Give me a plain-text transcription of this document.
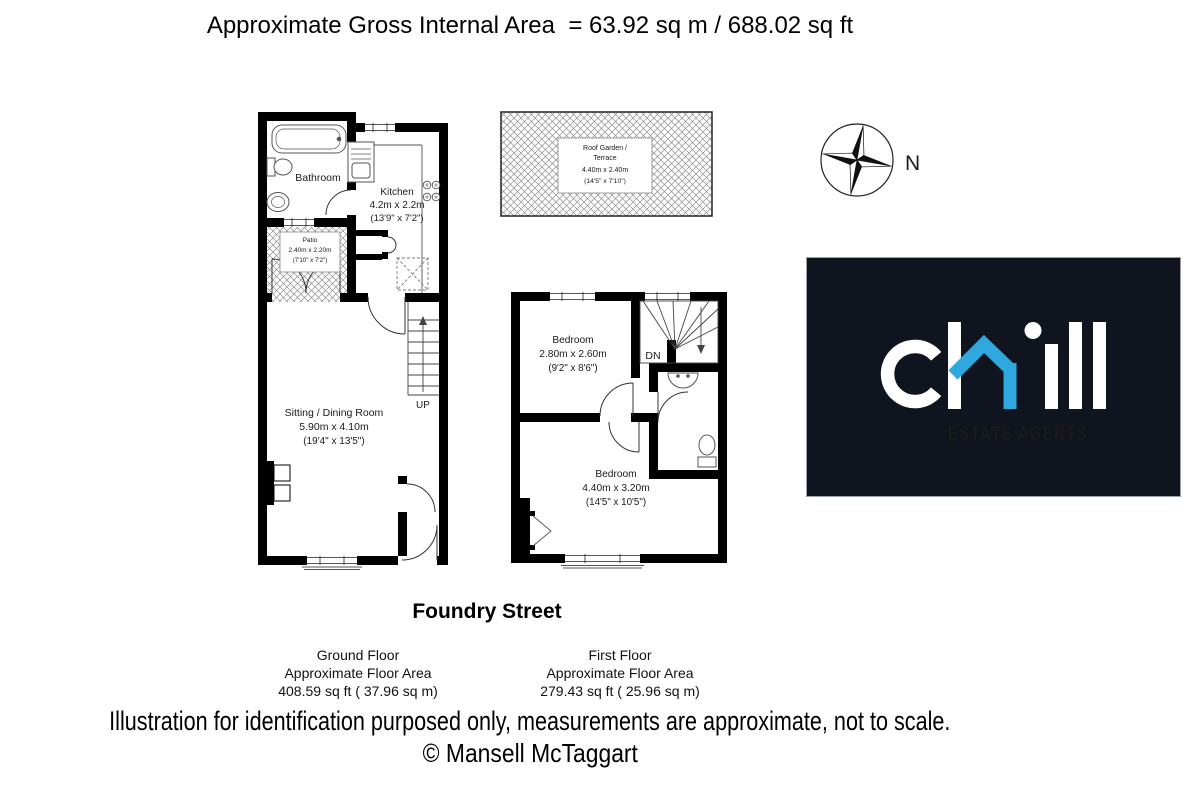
Approximate Gross Internal Area  = 63.92 sq m / 688.02 sq ft
Patio
2.40m x 2.20m
(7'10" x 7'2")
Bathroom
Kitchen
4.2m x 2.2m
(13'9" x 7'2")
Sitting / Dining Room
5.90m x 4.10m
(19'4" x 13'5")
UP
Roof Garden /
Terrace
4.40m x 2.40m
(14'5" x 7'10")
Bedroom
2.80m x 2.60m
(9'2" x 8'6")
DN
Bedroom
4.40m x 3.20m
(14'5" x 10'5")
N
ESTATE AGENTS
Foundry Street
Ground Floor
Approximate Floor Area
408.59 sq ft ( 37.96 sq m)
First Floor
Approximate Floor Area
279.43 sq ft ( 25.96 sq m)
Illustration for identification purposed only, measurements are approximate, not to scale.
© Mansell McTaggart
